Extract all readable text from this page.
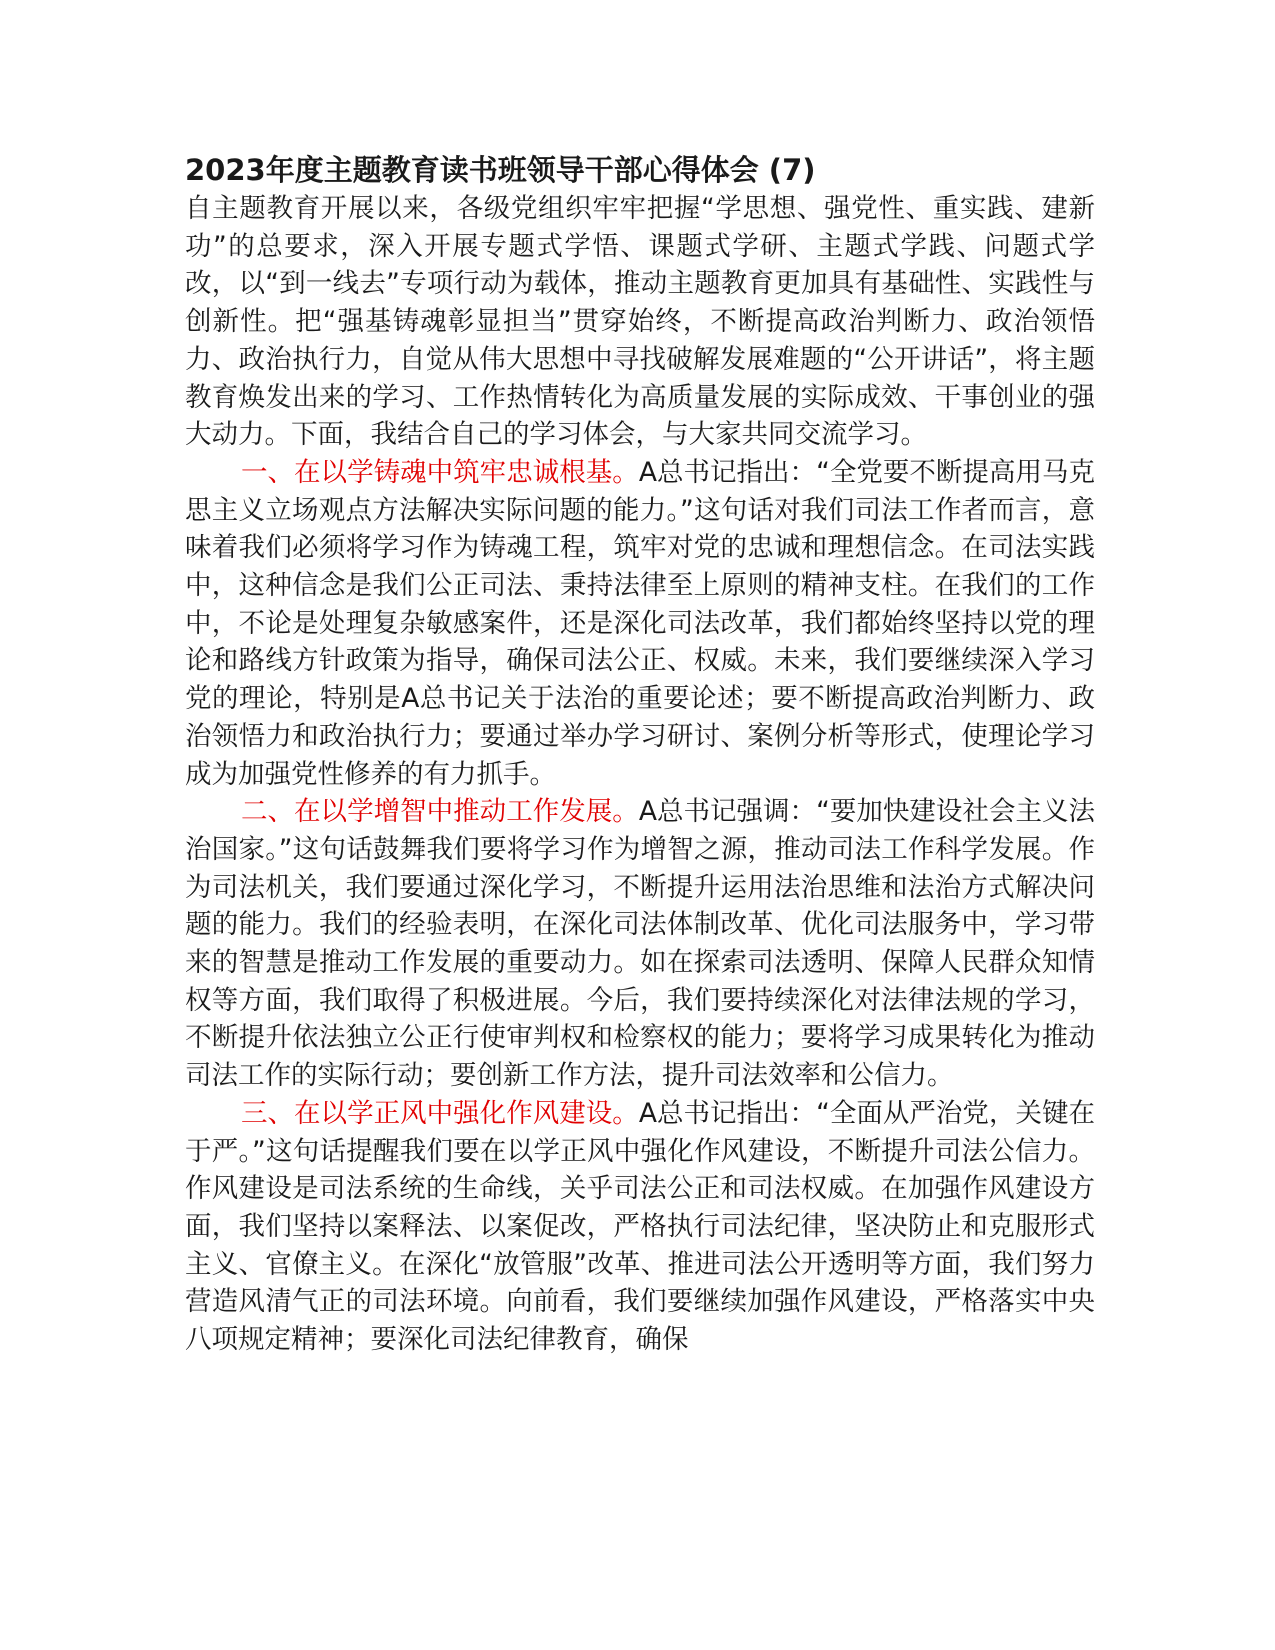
2023年度主题教育读书班领导干部心得体会 (7)

自主题教育开展以来，各级党组织牢牢把握“学思想、强党性、重实践、建新功”的总要求，深入开展专题式学悟、课题式学研、主题式学践、问题式学改，以“到一线去”专项行动为载体，推动主题教育更加具有基础性、实践性与创新性。把“强基铸魂彰显担当”贯穿始终，不断提高政治判断力、政治领悟力、政治执行力，自觉从伟大思想中寻找破解发展难题的“公开讲话”，将主题教育焕发出来的学习、工作热情转化为高质量发展的实际成效、干事创业的强大动力。下面，我结合自己的学习体会，与大家共同交流学习。

一、在以学铸魂中筑牢忠诚根基。A总书记指出：“全党要不断提高用马克思主义立场观点方法解决实际问题的能力。”这句话对我们司法工作者而言，意味着我们必须将学习作为铸魂工程，筑牢对党的忠诚和理想信念。在司法实践中，这种信念是我们公正司法、秉持法律至上原则的精神支柱。在我们的工作中，不论是处理复杂敏感案件，还是深化司法改革，我们都始终坚持以党的理论和路线方针政策为指导，确保司法公正、权威。未来，我们要继续深入学习党的理论，特别是A总书记关于法治的重要论述；要不断提高政治判断力、政治领悟力和政治执行力；要通过举办学习研讨、案例分析等形式，使理论学习成为加强党性修养的有力抓手。

二、在以学增智中推动工作发展。A总书记强调：“要加快建设社会主义法治国家。”这句话鼓舞我们要将学习作为增智之源，推动司法工作科学发展。作为司法机关，我们要通过深化学习，不断提升运用法治思维和法治方式解决问题的能力。我们的经验表明，在深化司法体制改革、优化司法服务中，学习带来的智慧是推动工作发展的重要动力。如在探索司法透明、保障人民群众知情权等方面，我们取得了积极进展。今后，我们要持续深化对法律法规的学习，不断提升依法独立公正行使审判权和检察权的能力；要将学习成果转化为推动司法工作的实际行动；要创新工作方法，提升司法效率和公信力。

三、在以学正风中强化作风建设。A总书记指出：“全面从严治党，关键在于严。”这句话提醒我们要在以学正风中强化作风建设，不断提升司法公信力。作风建设是司法系统的生命线，关乎司法公正和司法权威。在加强作风建设方面，我们坚持以案释法、以案促改，严格执行司法纪律，坚决防止和克服形式主义、官僚主义。在深化“放管服”改革、推进司法公开透明等方面，我们努力营造风清气正的司法环境。向前看，我们要继续加强作风建设，严格落实中央八项规定精神；要深化司法纪律教育，确保
